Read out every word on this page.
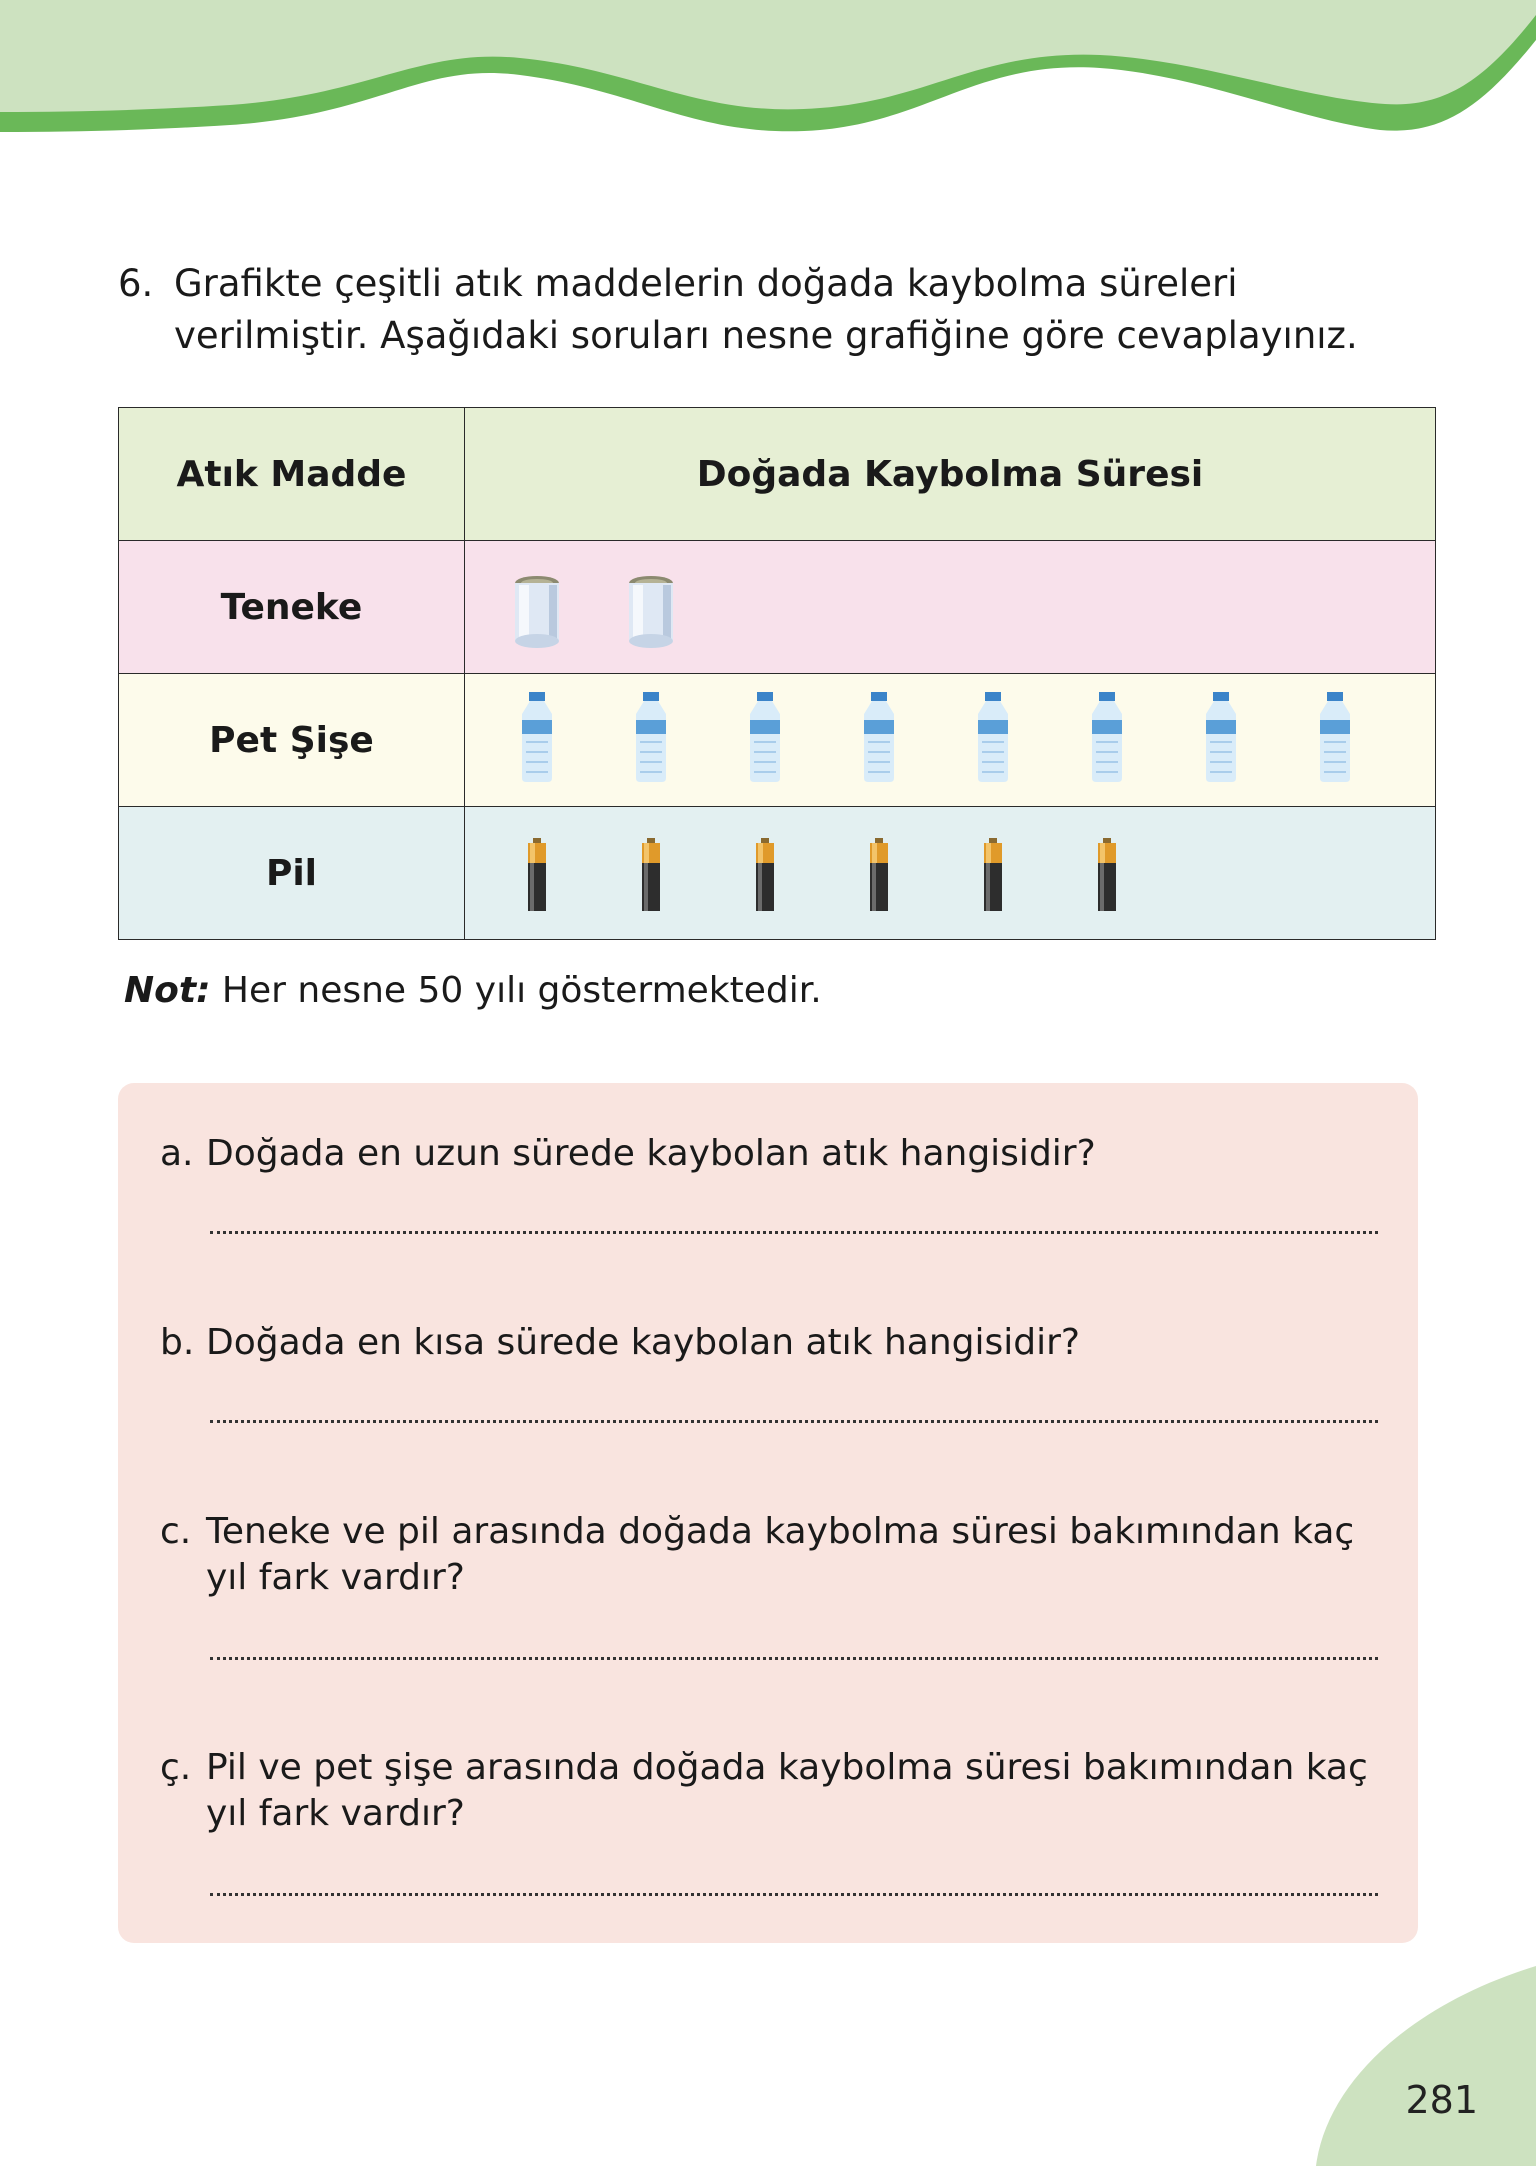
6. Grafikte çeşitli atık maddelerin doğada kaybolma süreleri verilmiştir. Aşağıdaki soruları nesne grafiğine göre cevaplayınız.
Atık Madde	Doğada Kaybolma Süresi
Teneke	

Pet Şişe	

Pil	
Not: Her nesne 50 yılı göstermektedir.
a. Doğada en uzun sürede kaybolan atık hangisidir?
b. Doğada en kısa sürede kaybolan atık hangisidir?
c. Teneke ve pil arasında doğada kaybolma süresi bakımından kaç yıl fark vardır?
ç. Pil ve pet şişe arasında doğada kaybolma süresi bakımından kaç yıl fark vardır?
281
